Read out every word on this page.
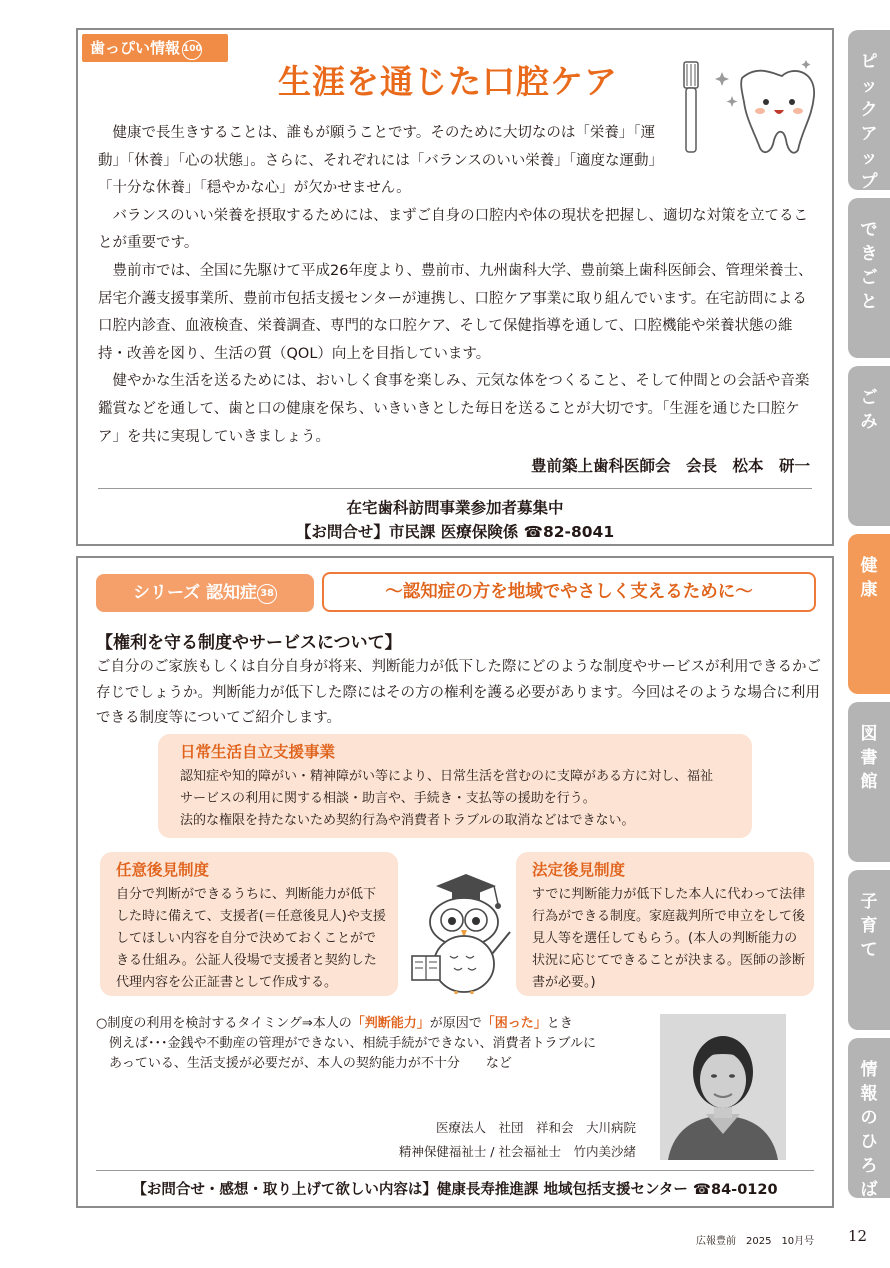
歯っぴい情報 100
生涯を通じた口腔ケア

健康で長生きすることは、誰もが願うことです。そのために大切なのは「栄養」「運動」「休養」「心の状態」。さらに、それぞれには「バランスのいい栄養」「適度な運動」「十分な休養」「穏やかな心」が欠かせません。

バランスのいい栄養を摂取するためには、まずご自身の口腔内や体の現状を把握し、適切な対策を立てることが重要です。

豊前市では、全国に先駆けて平成26年度より、豊前市、九州歯科大学、豊前築上歯科医師会、管理栄養士、居宅介護支援事業所、豊前市包括支援センターが連携し、口腔ケア事業に取り組んでいます。在宅訪問による口腔内診査、血液検査、栄養調査、専門的な口腔ケア、そして保健指導を通して、口腔機能や栄養状態の維持・改善を図り、生活の質（QOL）向上を目指しています。

健やかな生活を送るためには、おいしく食事を楽しみ、元気な体をつくること、そして仲間との会話や音楽鑑賞などを通して、歯と口の健康を保ち、いきいきとした毎日を送ることが大切です。「生涯を通じた口腔ケア」を共に実現していきましょう。

豊前築上歯科医師会　会長　松本　研一
在宅歯科訪問事業参加者募集中
【お問合せ】市民課 医療保険係 ☎82-8041
シリーズ 認知症 38	～認知症の方を地域でやさしく支えるために～
【権利を守る制度やサービスについて】
ご自分のご家族もしくは自分自身が将来、判断能力が低下した際にどのような制度やサービスが利用できるかご存じでしょうか。判断能力が低下した際にはその方の権利を護る必要があります。今回はそのような場合に利用できる制度等についてご紹介します。
日常生活自立支援事業
認知症や知的障がい・精神障がい等により、日常生活を営むのに支障がある方に対し、福祉
サービスの利用に関する相談・助言や、手続き・支払等の援助を行う。
法的な権限を持たないため契約行為や消費者トラブルの取消などはできない。
任意後見制度
自分で判断ができるうちに、判断能力が低下した時に備えて、支援者(＝任意後見人)や支援してほしい内容を自分で決めておくことができる仕組み。公証人役場で支援者と契約した代理内容を公正証書として作成する。
法定後見制度
すでに判断能力が低下した本人に代わって法律行為ができる制度。家庭裁判所で申立をして後見人等を選任してもらう。(本人の判断能力の状況に応じてできることが決まる。医師の診断書が必要。)
○制度の利用を検討するタイミング⇒本人の「判断能力」が原因で「困った」とき
例えば･･･金銭や不動産の管理ができない、相続手続ができない、消費者トラブルに
あっている、生活支援が必要だが、本人の契約能力が不十分　　など
医療法人　社団　祥和会　大川病院
精神保健福祉士 / 社会福祉士　竹内美沙緒
【お問合せ・感想・取り上げて欲しい内容は】健康長寿推進課 地域包括支援センター ☎84-0120
ピ
ッ
ク
ア
ッ
プ
で
き
ご
と
ご
み
健
康
図
書
館
子
育
て
情
報
の
ひ
ろ
ば
広報豊前　2025　10月号 12
